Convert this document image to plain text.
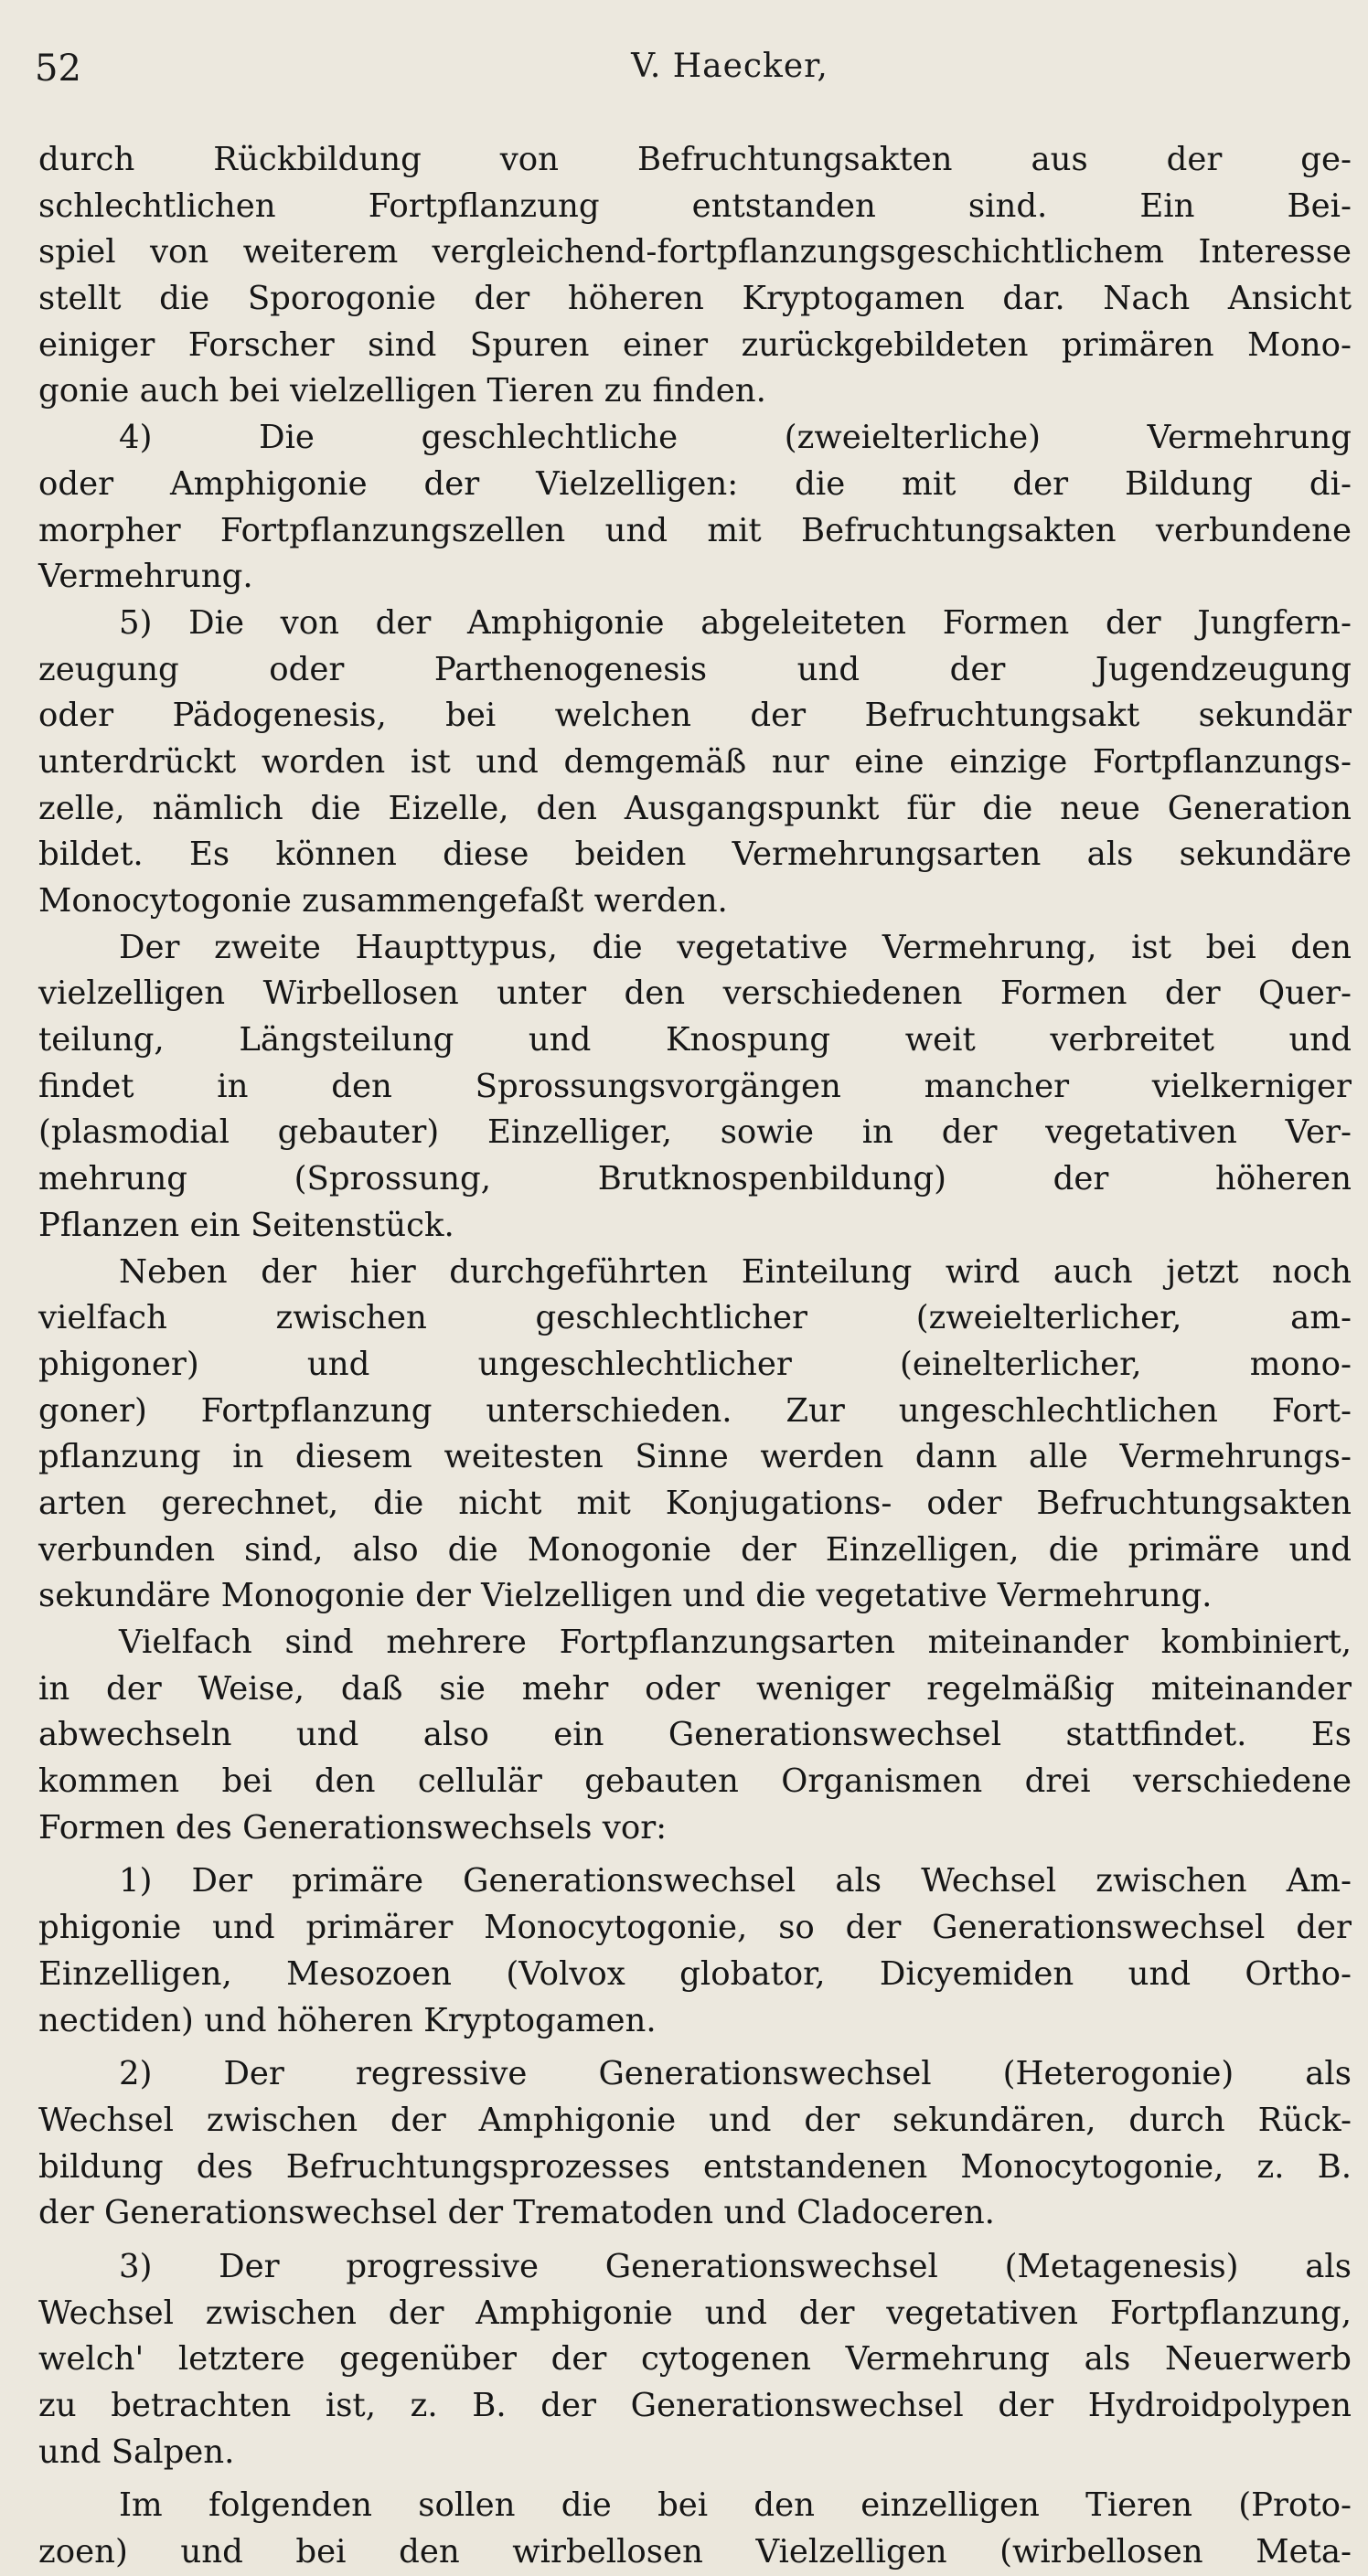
52	V. Haecker,
durch Rückbildung von Befruchtungsakten aus der ge-
schlechtlichen Fortpflanzung entstanden sind. Ein Bei-
spiel von weiterem vergleichend-fortpflanzungsgeschichtlichem Interesse
stellt die Sporogonie der höheren Kryptogamen dar. Nach Ansicht
einiger Forscher sind Spuren einer zurückgebildeten primären Mono-
gonie auch bei vielzelligen Tieren zu finden.
4) Die geschlechtliche (zweielterliche) Vermehrung
oder Amphigonie der Vielzelligen: die mit der Bildung di-
morpher Fortpflanzungszellen und mit Befruchtungsakten verbundene
Vermehrung.
5) Die von der Amphigonie abgeleiteten Formen der Jungfern-
zeugung oder Parthenogenesis und der Jugendzeugung
oder Pädogenesis, bei welchen der Befruchtungsakt sekundär
unterdrückt worden ist und demgemäß nur eine einzige Fortpflanzungs-
zelle, nämlich die Eizelle, den Ausgangspunkt für die neue Generation
bildet. Es können diese beiden Vermehrungsarten als sekundäre
Monocytogonie zusammengefaßt werden.
Der zweite Haupttypus, die vegetative Vermehrung, ist bei den
vielzelligen Wirbellosen unter den verschiedenen Formen der Quer-
teilung, Längsteilung und Knospung weit verbreitet und
findet in den Sprossungsvorgängen mancher vielkerniger
(plasmodial gebauter) Einzelliger, sowie in der vegetativen Ver-
mehrung (Sprossung, Brutknospenbildung) der höheren
Pflanzen ein Seitenstück.
Neben der hier durchgeführten Einteilung wird auch jetzt noch
vielfach zwischen geschlechtlicher (zweielterlicher, am-
phigoner) und ungeschlechtlicher (einelterlicher, mono-
goner) Fortpflanzung unterschieden. Zur ungeschlechtlichen Fort-
pflanzung in diesem weitesten Sinne werden dann alle Vermehrungs-
arten gerechnet, die nicht mit Konjugations- oder Befruchtungsakten
verbunden sind, also die Monogonie der Einzelligen, die primäre und
sekundäre Monogonie der Vielzelligen und die vegetative Vermehrung.
Vielfach sind mehrere Fortpflanzungsarten miteinander kombiniert,
in der Weise, daß sie mehr oder weniger regelmäßig miteinander
abwechseln und also ein Generationswechsel stattfindet. Es
kommen bei den cellulär gebauten Organismen drei verschiedene
Formen des Generationswechsels vor:
1) Der primäre Generationswechsel als Wechsel zwischen Am-
phigonie und primärer Monocytogonie, so der Generationswechsel der
Einzelligen, Mesozoen (Volvox globator, Dicyemiden und Ortho-
nectiden) und höheren Kryptogamen.
2) Der regressive Generationswechsel (Heterogonie) als
Wechsel zwischen der Amphigonie und der sekundären, durch Rück-
bildung des Befruchtungsprozesses entstandenen Monocytogonie, z. B.
der Generationswechsel der Trematoden und Cladoceren.
3) Der progressive Generationswechsel (Metagenesis) als
Wechsel zwischen der Amphigonie und der vegetativen Fortpflanzung,
welch' letztere gegenüber der cytogenen Vermehrung als Neuerwerb
zu betrachten ist, z. B. der Generationswechsel der Hydroidpolypen
und Salpen.
Im folgenden sollen die bei den einzelligen Tieren (Proto-
zoen) und bei den wirbellosen Vielzelligen (wirbellosen Meta-
